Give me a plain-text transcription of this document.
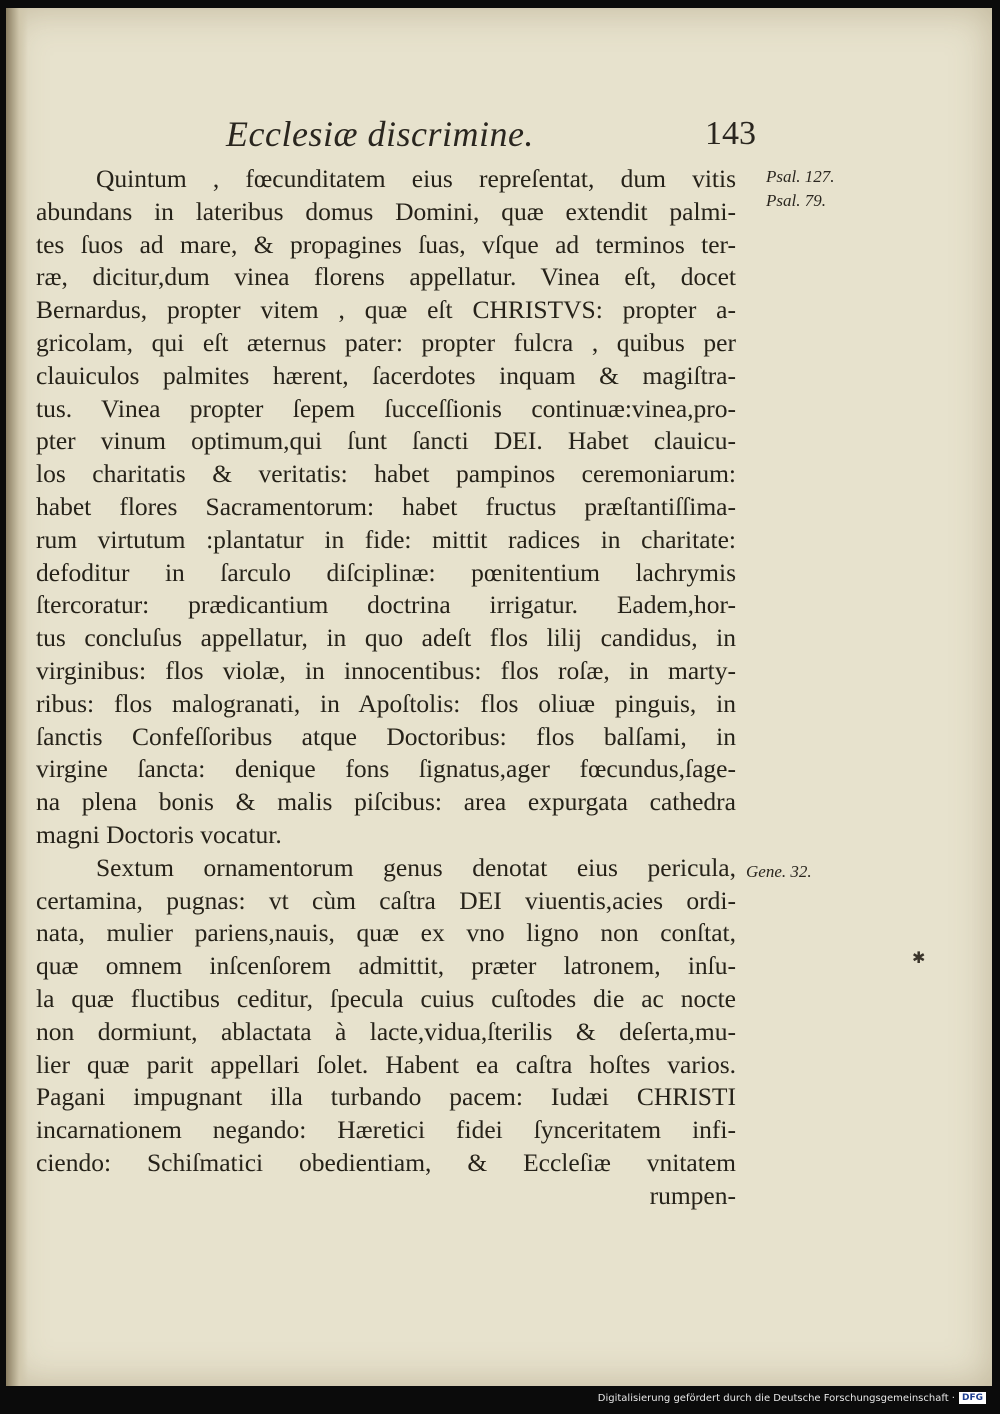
Ecclesiæ discrimine.	143
Quintum , fœcunditatem eius repreſentat, dum vitis
abundans in lateribus domus Domini, quæ extendit palmi-
tes ſuos ad mare, & propagines ſuas, vſque ad terminos ter-
ræ, dicitur,dum vinea florens appellatur. Vinea eſt, docet
Bernardus, propter vitem , quæ eſt CHRISTVS: propter a-
gricolam, qui eſt æternus pater: propter fulcra , quibus per
clauiculos palmites hærent, ſacerdotes inquam & magiſtra-
tus. Vinea propter ſepem ſucceſſionis continuæ:vinea,pro-
pter vinum optimum,qui ſunt ſancti DEI. Habet clauicu-
los charitatis & veritatis: habet pampinos ceremoniarum:
habet flores Sacramentorum: habet fructus præſtantiſſima-
rum virtutum :plantatur in fide: mittit radices in charitate:
defoditur in ſarculo diſciplinæ: pœnitentium lachrymis
ſtercoratur: prædicantium doctrina irrigatur. Eadem,hor-
tus concluſus appellatur, in quo adeſt flos lilij candidus, in
virginibus: flos violæ, in innocentibus: flos roſæ, in marty-
ribus: flos malogranati, in Apoſtolis: flos oliuæ pinguis, in
ſanctis Confeſſoribus atque Doctoribus: flos balſami, in
virgine ſancta: denique fons ſignatus,ager fœcundus,ſage-
na plena bonis & malis piſcibus: area expurgata cathedra
magni Doctoris vocatur.
Sextum ornamentorum genus denotat eius pericula,
certamina, pugnas: vt cùm caſtra DEI viuentis,acies ordi-
nata, mulier pariens,nauis, quæ ex vno ligno non conſtat,
quæ omnem inſcenſorem admittit, præter latronem, inſu-
la quæ fluctibus ceditur, ſpecula cuius cuſtodes die ac nocte
non dormiunt, ablactata à lacte,vidua,ſterilis & deſerta,mu-
lier quæ parit appellari ſolet. Habent ea caſtra hoſtes varios.
Pagani impugnant illa turbando pacem: Iudæi CHRISTI
incarnationem negando: Hæretici fidei ſynceritatem infi-
ciendo: Schiſmatici obedientiam, & Eccleſiæ vnitatem
rumpen-
Psal. 127.
Psal. 79.
Gene. 32.
✱
Digitalisierung gefördert durch die Deutsche Forschungsgemeinschaft · DFG
